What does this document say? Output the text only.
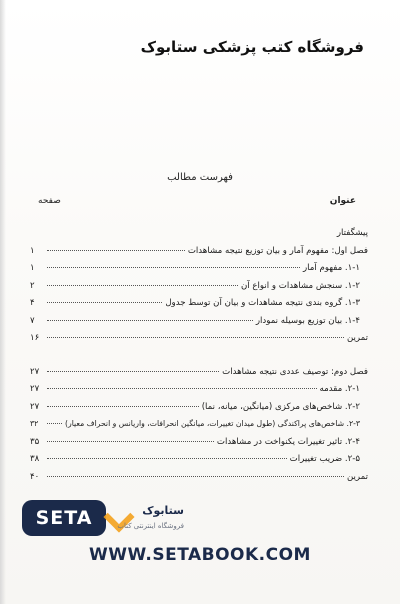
فروشگاه کتب پزشکی ستابوک
فهرست مطالب
عنوان
صفحه
پیشگفتار
فصل اول: مفهوم آمار و بیان توزیع نتیجه مشاهدات
۱
۱-۱. مفهوم آمار
۱
۱-۲. سنجش مشاهدات و انواع آن
۲
۱-۳. گروه بندی نتیجه مشاهدات و بیان آن توسط جدول
۴
۱-۴. بیان توزیع بوسیله نمودار
۷
تمرین
۱۶
فصل دوم: توصیف عددی نتیجه مشاهدات
۲۷
۲-۱. مقدمه
۲۷
۲-۲. شاخص‌های مرکزی (میانگین، میانه، نما)
۲۷
۲-۳. شاخص‌های پراکندگی (طول میدان تغییرات، میانگین انحرافات، واریانس و انحراف معیار)
۳۲
۲-۴. تاثیر تغییرات یکنواخت در مشاهدات
۳۵
۲-۵. ضریب تغییرات
۳۸
تمرین
۴۰
SETA	ستابوک
فروشگاه اینترنتی کتاب
WWW.SETABOOK.COM
